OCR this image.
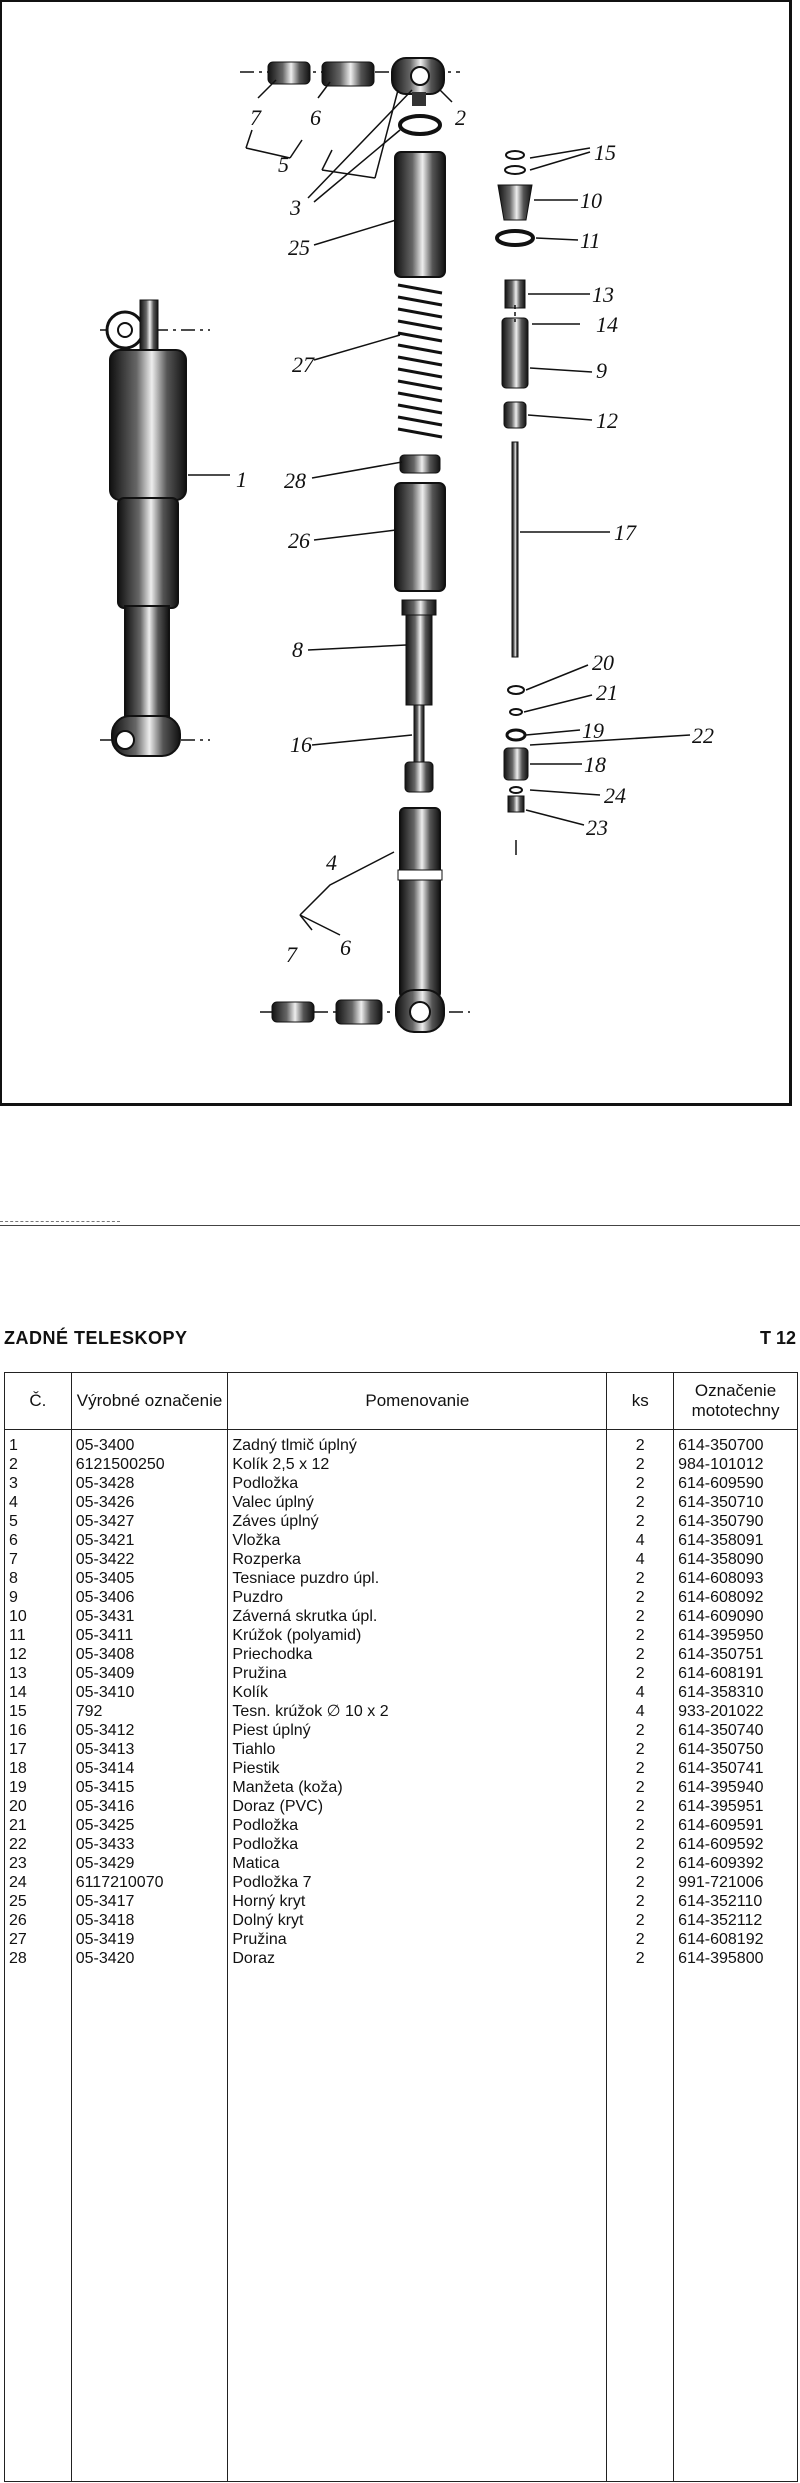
1
2
3
4
5
6
7
8
9
10
11
12
13
14
15
16
17
18
19
20
21
22
23
24
25
26
27
28
6
7
ZADNÉ TELESKOPY	T 12
Č.	Výrobné označenie	Pomenovanie	ks	Označenie mototechny
1	05-3400	Zadný tlmič úplný	2	614-350700
2	6121500250	Kolík 2,5 x 12	2	984-101012
3	05-3428	Podložka	2	614-609590
4	05-3426	Valec úplný	2	614-350710
5	05-3427	Záves úplný	2	614-350790
6	05-3421	Vložka	4	614-358091
7	05-3422	Rozperka	4	614-358090
8	05-3405	Tesniace puzdro úpl.	2	614-608093
9	05-3406	Puzdro	2	614-608092
10	05-3431	Záverná skrutka úpl.	2	614-609090
11	05-3411	Krúžok (polyamid)	2	614-395950
12	05-3408	Priechodka	2	614-350751
13	05-3409	Pružina	2	614-608191
14	05-3410	Kolík	4	614-358310
15	792	Tesn. krúžok ∅ 10 x 2	4	933-201022
16	05-3412	Piest úplný	2	614-350740
17	05-3413	Tiahlo	2	614-350750
18	05-3414	Piestik	2	614-350741
19	05-3415	Manžeta (koža)	2	614-395940
20	05-3416	Doraz (PVC)	2	614-395951
21	05-3425	Podložka	2	614-609591
22	05-3433	Podložka	2	614-609592
23	05-3429	Matica	2	614-609392
24	6117210070	Podložka 7	2	991-721006
25	05-3417	Horný kryt	2	614-352110
26	05-3418	Dolný kryt	2	614-352112
27	05-3419	Pružina	2	614-608192
28	05-3420	Doraz	2	614-395800
